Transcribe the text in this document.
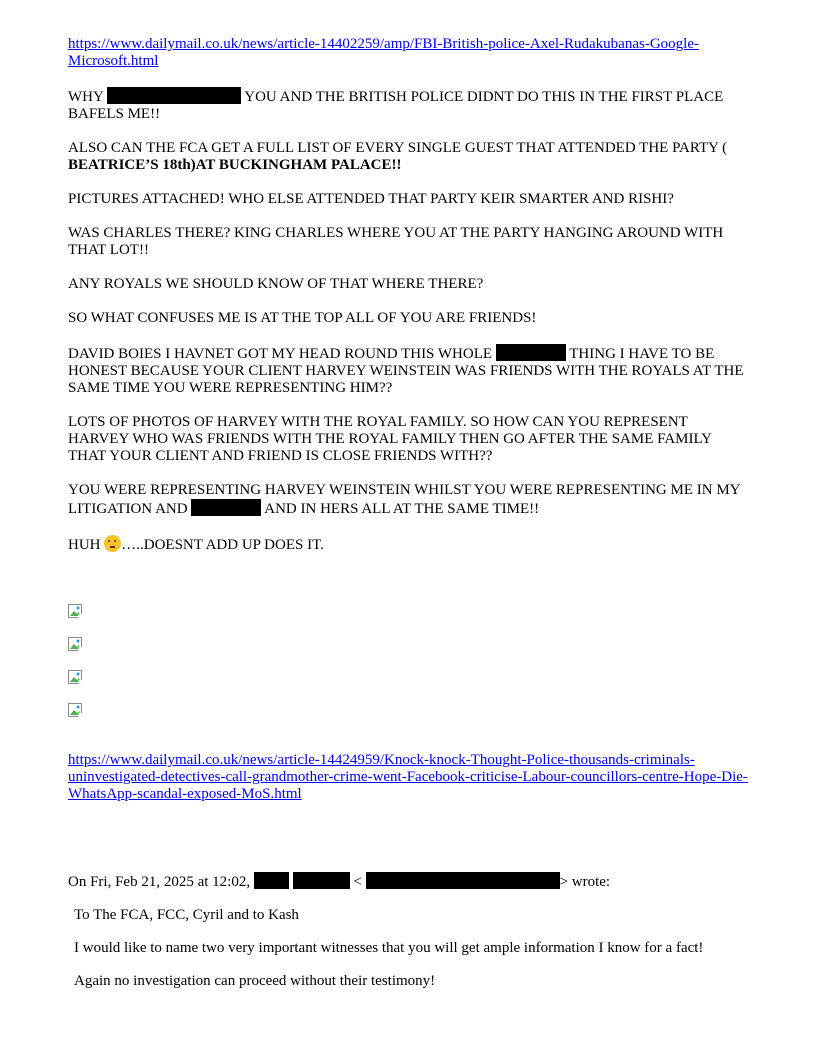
https://www.dailymail.co.uk/news/article-14402259/amp/FBI-British-police-Axel-Rudakubanas-Google-Microsoft.html

WHY	YOU AND THE BRITISH POLICE DIDNT DO THIS IN THE FIRST PLACE BAFELS ME!!

ALSO CAN THE FCA GET A FULL LIST OF EVERY SINGLE GUEST THAT ATTENDED THE PARTY ( BEATRICE’S 18th)AT BUCKINGHAM PALACE!!

PICTURES ATTACHED! WHO ELSE ATTENDED THAT PARTY KEIR SMARTER AND RISHI?

WAS CHARLES THERE? KING CHARLES WHERE YOU AT THE PARTY HANGING AROUND WITH THAT LOT!!

ANY ROYALS WE SHOULD KNOW OF THAT WHERE THERE?

SO WHAT CONFUSES ME IS AT THE TOP ALL OF YOU ARE FRIENDS!

DAVID BOIES I HAVNET GOT MY HEAD ROUND THIS WHOLE	THING I HAVE TO BE HONEST BECAUSE YOUR CLIENT HARVEY WEINSTEIN WAS FRIENDS WITH THE ROYALS AT THE SAME TIME YOU WERE REPRESENTING HIM??

LOTS OF PHOTOS OF HARVEY WITH THE ROYAL FAMILY. SO HOW CAN YOU REPRESENT HARVEY WHO WAS FRIENDS WITH THE ROYAL FAMILY THEN GO AFTER THE SAME FAMILY THAT YOUR CLIENT AND FRIEND IS CLOSE FRIENDS WITH??

YOU WERE REPRESENTING HARVEY WEINSTEIN WHILST YOU WERE REPRESENTING ME IN MY LITIGATION AND	AND IN HERS ALL AT THE SAME TIME!!

HUH …..DOESNT ADD UP DOES IT.

https://www.dailymail.co.uk/news/article-14424959/Knock-knock-Thought-Police-thousands-criminals-uninvestigated-detectives-call-grandmother-crime-went-Facebook-criticise-Labour-councillors-centre-Hope-Die-WhatsApp-scandal-exposed-MoS.html

On Fri, Feb 21, 2025 at 12:02,	<	> wrote:

To The FCA, FCC, Cyril and to Kash

I would like to name two very important witnesses that you will get ample information I know for a fact!

Again no investigation can proceed without their testimony!
